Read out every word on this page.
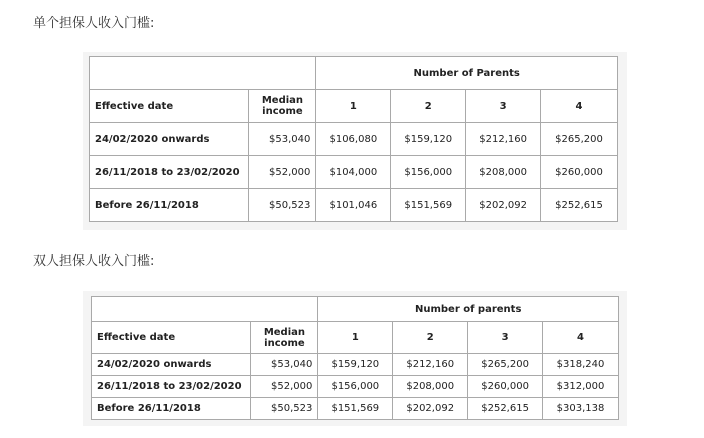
单个担保人收入门槛:
		Number of Parents			
Effective date	Median income	1	2	3	4
24/02/2020 onwards	$53,040	$106,080	$159,120	$212,160	$265,200
26/11/2018 to 23/02/2020	$52,000	$104,000	$156,000	$208,000	$260,000
Before 26/11/2018	$50,523	$101,046	$151,569	$202,092	$252,615
双人担保人收入门槛:
		Number of parents			
Effective date	Median income	1	2	3	4
24/02/2020 onwards	$53,040	$159,120	$212,160	$265,200	$318,240
26/11/2018 to 23/02/2020	$52,000	$156,000	$208,000	$260,000	$312,000
Before 26/11/2018	$50,523	$151,569	$202,092	$252,615	$303,138
